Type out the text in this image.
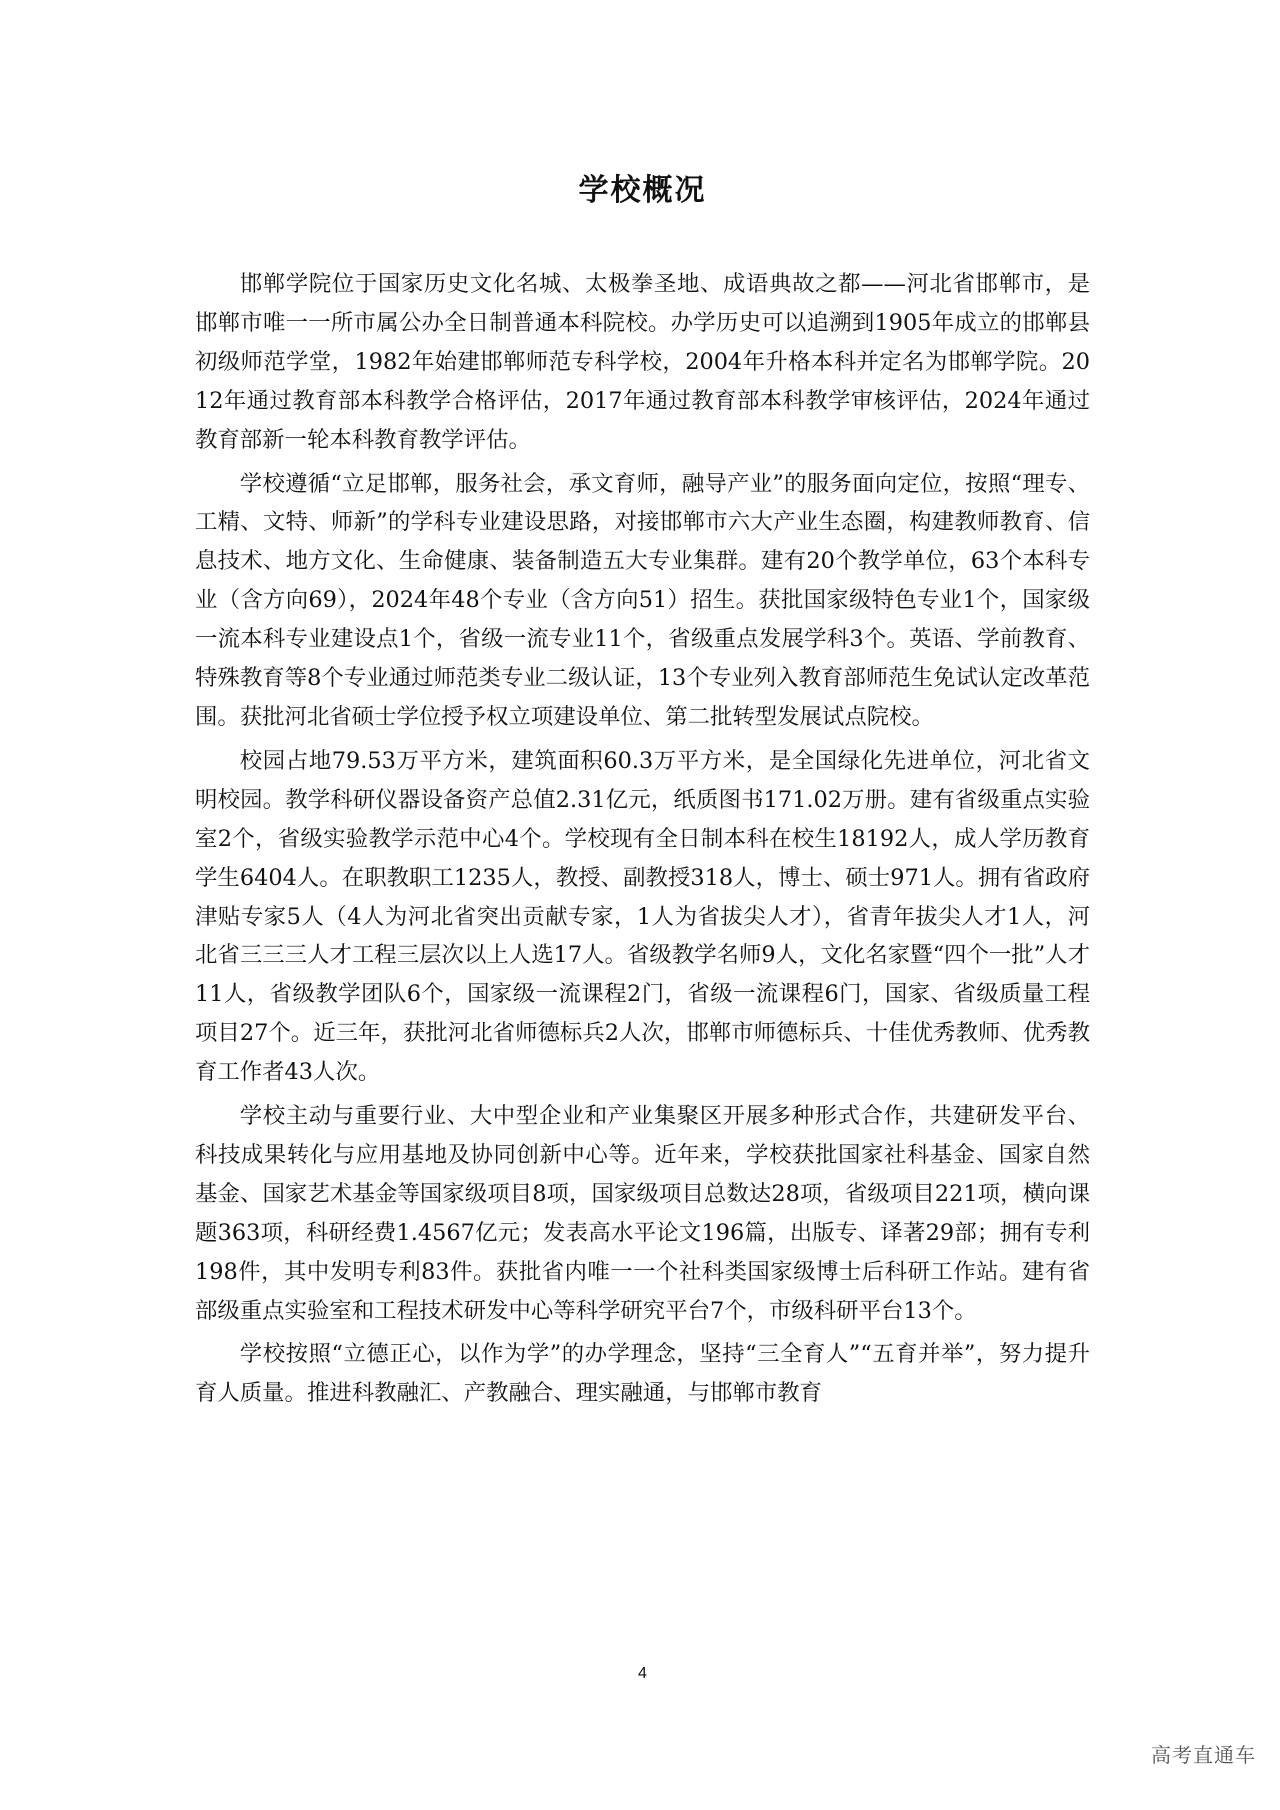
学校概况

邯郸学院位于国家历史文化名城、太极拳圣地、成语典故之都——河北省邯郸市，是邯郸市唯一一所市属公办全日制普通本科院校。办学历史可以追溯到1905年成立的邯郸县初级师范学堂，1982年始建邯郸师范专科学校，2004年升格本科并定名为邯郸学院。2012年通过教育部本科教学合格评估，2017年通过教育部本科教学审核评估，2024年通过教育部新一轮本科教育教学评估。

学校遵循“立足邯郸，服务社会，承文育师，融导产业”的服务面向定位，按照“理专、工精、文特、师新”的学科专业建设思路，对接邯郸市六大产业生态圈，构建教师教育、信息技术、地方文化、生命健康、装备制造五大专业集群。建有20个教学单位，63个本科专业（含方向69），2024年48个专业（含方向51）招生。获批国家级特色专业1个，国家级一流本科专业建设点1个，省级一流专业11个，省级重点发展学科3个。英语、学前教育、特殊教育等8个专业通过师范类专业二级认证，13个专业列入教育部师范生免试认定改革范围。获批河北省硕士学位授予权立项建设单位、第二批转型发展试点院校。

校园占地79.53万平方米，建筑面积60.3万平方米，是全国绿化先进单位，河北省文明校园。教学科研仪器设备资产总值2.31亿元，纸质图书171.02万册。建有省级重点实验室2个，省级实验教学示范中心4个。学校现有全日制本科在校生18192人，成人学历教育学生6404人。在职教职工1235人，教授、副教授318人，博士、硕士971人。拥有省政府津贴专家5人（4人为河北省突出贡献专家，1人为省拔尖人才），省青年拔尖人才1人，河北省三三三人才工程三层次以上人选17人。省级教学名师9人，文化名家暨“四个一批”人才11人，省级教学团队6个，国家级一流课程2门，省级一流课程6门，国家、省级质量工程项目27个。近三年，获批河北省师德标兵2人次，邯郸市师德标兵、十佳优秀教师、优秀教育工作者43人次。

学校主动与重要行业、大中型企业和产业集聚区开展多种形式合作，共建研发平台、科技成果转化与应用基地及协同创新中心等。近年来，学校获批国家社科基金、国家自然基金、国家艺术基金等国家级项目8项，国家级项目总数达28项，省级项目221项，横向课题363项，科研经费1.4567亿元；发表高水平论文196篇，出版专、译著29部；拥有专利198件，其中发明专利83件。获批省内唯一一个社科类国家级博士后科研工作站。建有省部级重点实验室和工程技术研发中心等科学研究平台7个，市级科研平台13个。

学校按照“立德正心，以作为学”的办学理念，坚持“三全育人”“五育并举”，努力提升育人质量。推进科教融汇、产教融合、理实融通，与邯郸市教育

4
高考直通车
